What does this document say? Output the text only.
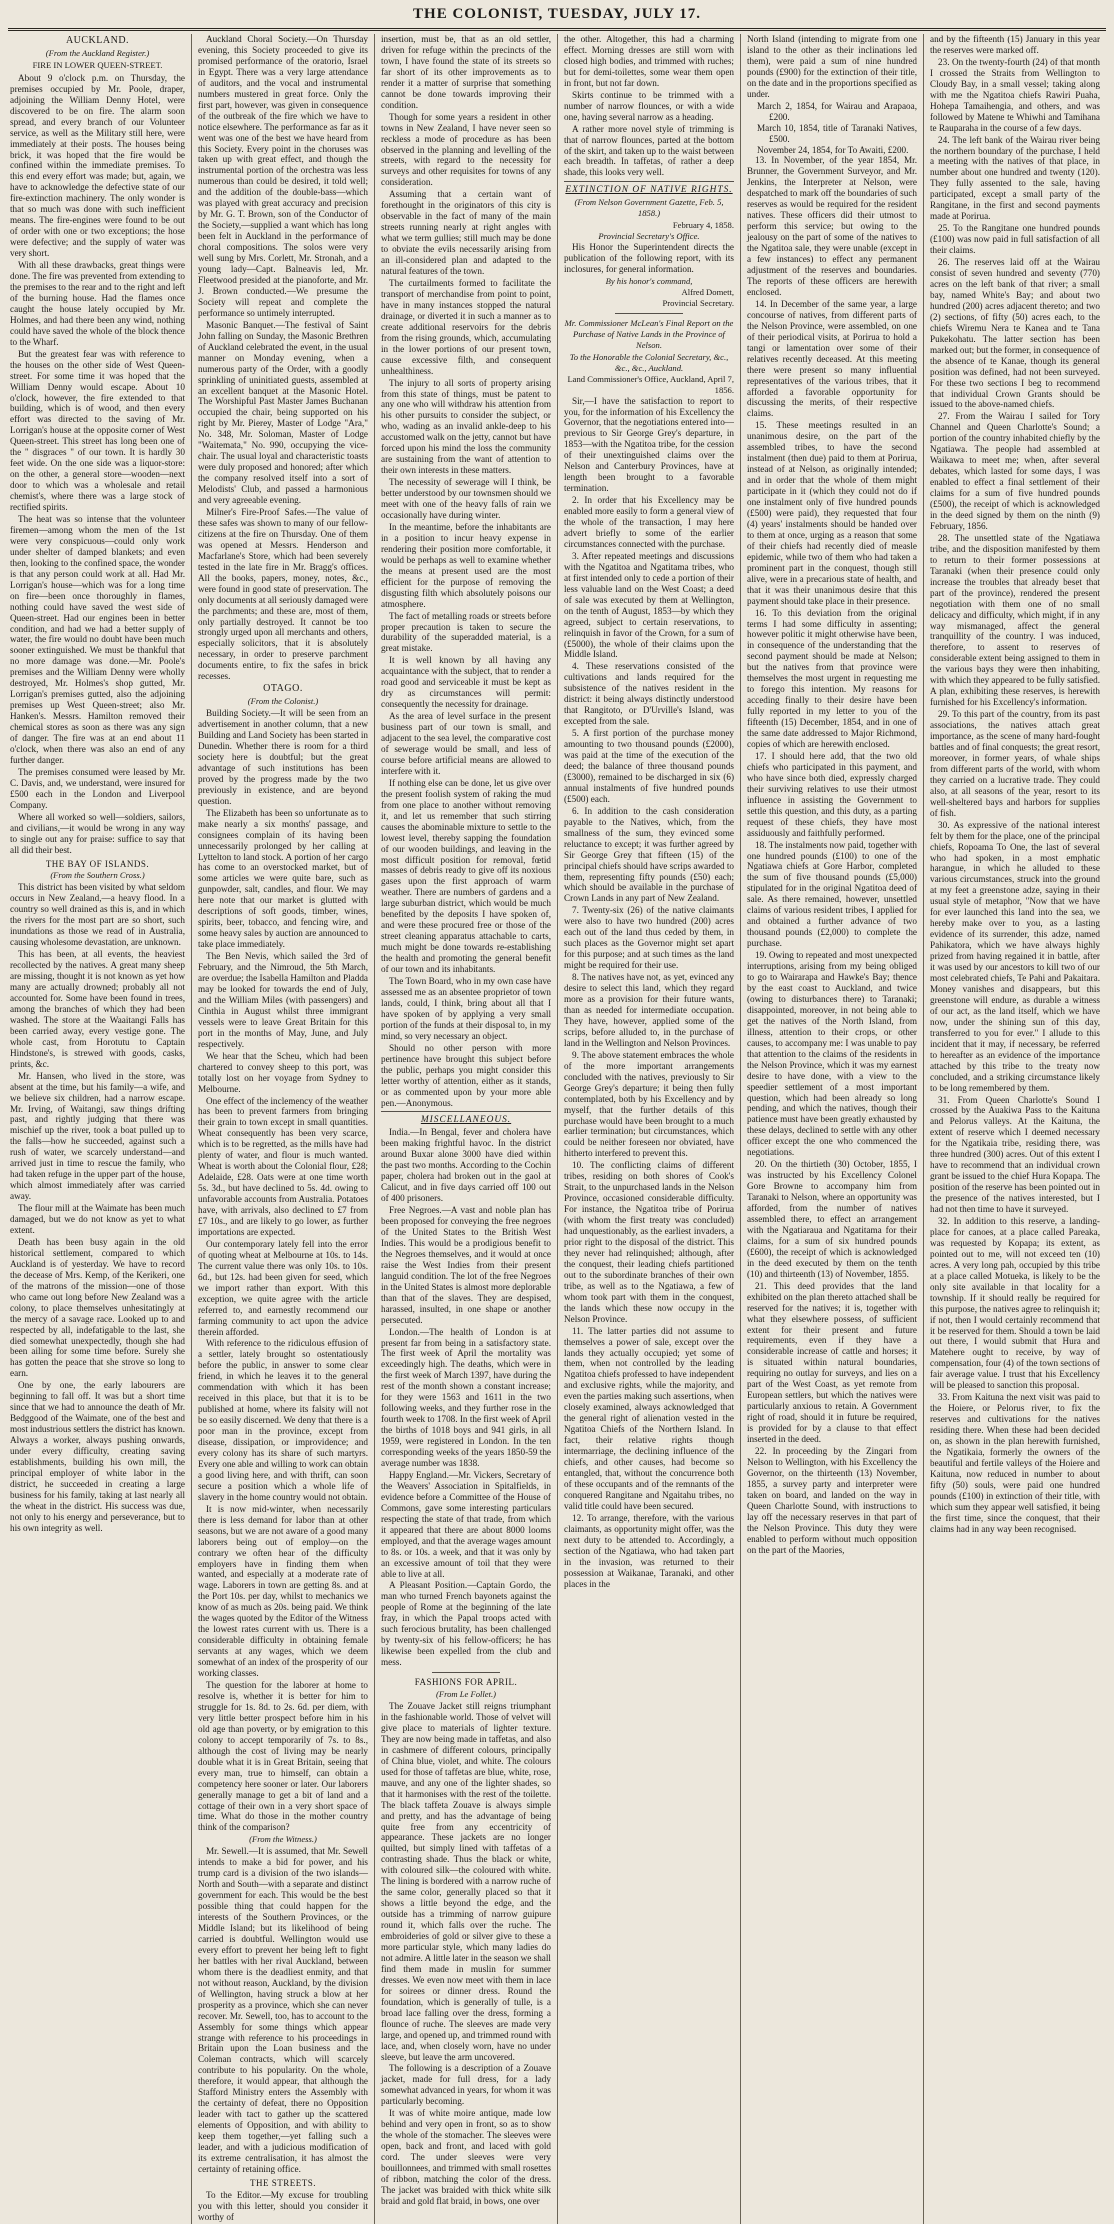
THE COLONIST, TUESDAY, JULY 17.
AUCKLAND.
(From the Auckland Register.)
FIRE IN LOWER QUEEN-STREET.

About 9 o'clock p.m. on Thursday, the premises occupied by Mr. Poole, draper, adjoining the William Denny Hotel, were discovered to be on fire. The alarm soon spread, and every branch of our Volunteer service, as well as the Military still here, were immediately at their posts. The houses being brick, it was hoped that the fire would be confined within the immediate premises. To this end every effort was made; but, again, we have to acknowledge the defective state of our fire-extinction machinery. The only wonder is that so much was done with such inefficient means. The fire-engines were found to be out of order with one or two exceptions; the hose were defective; and the supply of water was very short.

With all these drawbacks, great things were done. The fire was prevented from extending to the premises to the rear and to the right and left of the burning house. Had the flames once caught the house lately occupied by Mr. Holmes, and had there been any wind, nothing could have saved the whole of the block thence to the Wharf.

But the greatest fear was with reference to the houses on the other side of West Queen-street. For some time it was hoped that the William Denny would escape. About 10 o'clock, however, the fire extended to that building, which is of wood, and then every effort was directed to the saving of Mr. Lorrigan's house at the opposite corner of West Queen-street. This street has long been one of the " disgraces " of our town. It is hardly 30 feet wide. On the one side was a liquor-store: on the other, a general store—wooden—next door to which was a wholesale and retail chemist's, where there was a large stock of rectified spirits.

The heat was so intense that the volunteer firemen—among whom the men of the 1st were very conspicuous—could only work under shelter of damped blankets; and even then, looking to the confined space, the wonder is that any person could work at all. Had Mr. Lorrigan's house—which was for a long time on fire—been once thoroughly in flames, nothing could have saved the west side of Queen-street. Had our engines been in better condition, and had we had a better supply of water, the fire would no doubt have been much sooner extinguished. We must be thankful that no more damage was done.—Mr. Poole's premises and the William Denny were wholly destroyed, Mr. Holmes's shop gutted, Mr. Lorrigan's premises gutted, also the adjoining premises up West Queen-street; also Mr. Hanken's. Messrs. Hamilton removed their chemical stores as soon as there was any sign of danger. The fire was at an end about 11 o'clock, when there was also an end of any further danger.

The premises consumed were leased by Mr. C. Davis, and, we understand, were insured for £500 each in the London and Liverpool Company.

Where all worked so well—soldiers, sailors, and civilians,—it would be wrong in any way to single out any for praise: suffice to say that all did their best.

THE BAY OF ISLANDS.
(From the Southern Cross.)

This district has been visited by what seldom occurs in New Zealand,—a heavy flood. In a country so well drained as this is, and in which the rivers for the most part are so short, such inundations as those we read of in Australia, causing wholesome devastation, are unknown.

This has been, at all events, the heaviest recollected by the natives. A great many sheep are missing, thought it is not known as yet how many are actually drowned; probably all not accounted for. Some have been found in trees, among the branches of which they had been washed. The store at the Waaitangi Falls has been carried away, every vestige gone. The whole cast, from Horotutu to Captain Hindstone's, is strewed with goods, casks, prints, &c.

Mr. Hansen, who lived in the store, was absent at the time, but his family—a wife, and we believe six children, had a narrow escape. Mr. Irving, of Waitangi, saw things drifting past, and rightly judging that there was mischief up the river, took a boat pulled up to the falls—how he succeeded, against such a rush of water, we scarcely understand—and arrived just in time to rescue the family, who had taken refuge in the upper part of the house, which almost immediately after was carried away.

The flour mill at the Waimate has been much damaged, but we do not know as yet to what extent.

Death has been busy again in the old historical settlement, compared to which Auckland is of yesterday. We have to record the decease of Mrs. Kemp, of the Kerikeri, one of the matrons of the mission—one of those who came out long before New Zealand was a colony, to place themselves unhesitatingly at the mercy of a savage race. Looked up to and respected by all, indefatigable to the last, she died somewhat unexpectedly, though she had been ailing for some time before. Surely she has gotten the peace that she strove so long to earn.

One by one, the early labourers are beginning to fall off. It was but a short time since that we had to announce the death of Mr. Bedggood of the Waimate, one of the best and most industrious settlers the district has known. Always a worker, always pushing onwards, under every difficulty, creating saving establishments, building his own mill, the principal employer of white labor in the district, he succeeded in creating a large business for his family, taking at last nearly all the wheat in the district. His success was due, not only to his energy and perseverance, but to his own integrity as well.

Auckland Choral Society.—On Thursday evening, this Society proceeded to give its promised performance of the oratorio, Israel in Egypt. There was a very large attendance of auditors, and the vocal and instrumental numbers mustered in great force. Only the first part, however, was given in consequence of the outbreak of the fire which we have to notice elsewhere. The performance as far as it went was one of the best we have heard from this Society. Every point in the choruses was taken up with great effect, and though the instrumental portion of the orchestra was less numerous than could be desired, it told well; and the addition of the double-bass—which was played with great accuracy and precision by Mr. G. T. Brown, son of the Conductor of the Society,—supplied a want which has long been felt in Auckland in the performance of choral compositions. The solos were very well sung by Mrs. Corlett, Mr. Stronah, and a young lady—Capt. Balneavis led, Mr. Fleetwood presided at the pianoforte, and Mr. J. Brown conducted.—We presume the Society will repeat and complete the performance so untimely interrupted.

Masonic Banquet.—The festival of Saint John falling on Sunday, the Masonic Brethren of Auckland celebrated the event, in the usual manner on Monday evening, when a numerous party of the Order, with a goodly sprinkling of uninitiated guests, assembled at an excellent banquet at the Masonic Hotel. The Worshipful Past Master James Buchanan occupied the chair, being supported on his right by Mr. Pierey, Master of Lodge "Ara," No. 348, Mr. Soloman, Master of Lodge "Waitemata," No. 990, occupying the vice-chair. The usual loyal and characteristic toasts were duly proposed and honored; after which the company resolved itself into a sort of Melodists' Club, and passed a harmonious and very agreeable evening.

Milner's Fire-Proof Safes.—The value of these safes was shown to many of our fellow-citizens at the fire on Thursday. One of them was opened at Messrs. Henderson and Macfarlane's Store, which had been severely tested in the late fire in Mr. Bragg's offices. All the books, papers, money, notes, &c., were found in good state of preservation. The only documents at all seriously damaged were the parchments; and these are, most of them, only partially destroyed. It cannot be too strongly urged upon all merchants and others, especially solicitors, that it is absolutely necessary, in order to preserve parchment documents entire, to fix the safes in brick recesses.

OTAGO.
(From the Colonist.)

Building Society.—It will be seen from an advertisement in another column, that a new Building and Land Society has been started in Dunedin. Whether there is room for a third society here is doubtful; but the great advantage of such institutions has been proved by the progress made by the two previously in existence, and are beyond question.

The Elizabeth has been so unfortunate as to make nearly a six months' passage, and consignees complain of its having been unnecessarily prolonged by her calling at Lyttelton to land stock. A portion of her cargo has come to an overstocked market, but of some articles we were quite bare, such as gunpowder, salt, candles, and flour. We may here note that our market is glutted with descriptions of soft goods, timber, wines, spirits, beer, tobacco, and fencing wire, and some heavy sales by auction are announced to take place immediately.

The Ben Nevis, which sailed the 3rd of February, and the Nimroud, the 5th March, are overdue; the Isabella Hamilton and Pladda may be looked for towards the end of July, and the William Miles (with passengers) and Cinthia in August whilst three immigrant vessels were to leave Great Britain for this port in the months of May, June, and July respectively.

We hear that the Scheu, which had been chartered to convey sheep to this port, was totally lost on her voyage from Sydney to Melbourne.

One effect of the inclemency of the weather has been to prevent farmers from bringing their grain to town except in small quantities. Wheat consequently has been very scarce, which is to be regretted, as the mills have had plenty of water, and flour is much wanted. Wheat is worth about the Colonial flour, £28; Adelaide, £28. Oats were at one time worth 5s. 3d., but have declined to 5s. 4d. owing to unfavorable accounts from Australia. Potatoes have, with arrivals, also declined to £7 from £7 10s., and are likely to go lower, as further importations are expected.

Our contemporary lately fell into the error of quoting wheat at Melbourne at 10s. to 14s. The current value there was only 10s. to 10s. 6d., but 12s. had been given for seed, which we import rather than export. With this exception, we quite agree with the article referred to, and earnestly recommend our farming community to act upon the advice therein afforded.

With reference to the ridiculous effusion of a settler, lately brought so ostentatiously before the public, in answer to some clear friend, in which he leaves it to the general commendation with which it has been received in this place, but that it is to be published at home, where its falsity will not be so easily discerned. We deny that there is a poor man in the province, except from disease, dissipation, or improvidence; and every colony has its share of such martyrs. Every one able and willing to work can obtain a good living here, and with thrift, can soon secure a position which a whole life of slavery in the home country would not obtain.

It is now mid-winter, when necessarily there is less demand for labor than at other seasons, but we are not aware of a good many laborers being out of employ—on the contrary we often hear of the difficulty employers have in finding them when wanted, and especially at a moderate rate of wage. Laborers in town are getting 8s. and at the Port 10s. per day, whilst to mechanics we know of as much as 20s. being paid. We think the wages quoted by the Editor of the Witness the lowest rates current with us. There is a considerable difficulty in obtaining female servants at any wages, which we deem somewhat of an index of the prosperity of our working classes.

The question for the laborer at home to resolve is, whether it is better for him to struggle for 1s. 8d. to 2s. 6d. per diem, with very little better prospect before him in his old age than poverty, or by emigration to this colony to accept temporarily of 7s. to 8s., although the cost of living may be nearly double what it is in Great Britain, seeing that every man, true to himself, can obtain a competency here sooner or later. Our laborers generally manage to get a bit of land and a cottage of their own in a very short space of time. What do those in the mother country think of the comparison?

(From the Witness.)

Mr. Sewell.—It is assumed, that Mr. Sewell intends to make a bid for power, and his trump card is a division of the two islands—North and South—with a separate and distinct government for each. This would be the best possible thing that could happen for the interests of the Southern Provinces, or the Middle Island; but its likelihood of being carried is doubtful. Wellington would use every effort to prevent her being left to fight her battles with her rival Auckland, between whom there is the deadliest enmity, and that not without reason, Auckland, by the division of Wellington, having struck a blow at her prosperity as a province, which she can never recover. Mr. Sewell, too, has to account to the Assembly for some things which appear strange with reference to his proceedings in Britain upon the Loan business and the Coleman contracts, which will scarcely contribute to his popularity. On the whole, therefore, it would appear, that although the Stafford Ministry enters the Assembly with the certainty of defeat, there no Opposition leader with tact to gather up the scattered elements of Opposition, and with ability to keep them together,—yet falling such a leader, and with a judicious modification of its extreme centralisation, it has almost the certainty of retaining office.

THE STREETS.

To the Editor.—My excuse for troubling you with this letter, should you consider it worthy of

insertion, must be, that as an old settler, driven for refuge within the precincts of the town, I have found the state of its streets so far short of its other improvements as to render it a matter of surprise that something cannot be done towards improving their condition.

Though for some years a resident in other towns in New Zealand, I have never seen so reckless a mode of procedure as has been observed in the planning and levelling of the streets, with regard to the necessity for surveys and other requisites for towns of any consideration.

Assuming that a certain want of forethought in the originators of this city is observable in the fact of many of the main streets running nearly at right angles with what we term gullies; still much may be done to obviate the evils necessarily arising from an ill-considered plan and adapted to the natural features of the town.

The curtailments formed to facilitate the transport of merchandise from point to point, have in many instances stopped the natural drainage, or diverted it in such a manner as to create additional reservoirs for the debris from the rising grounds, which, accumulating in the lower portions of our present town, cause excessive filth, and consequent unhealthiness.

The injury to all sorts of property arising from this state of things, must be patent to any one who will withdraw his attention from his other pursuits to consider the subject, or who, wading as an invalid ankle-deep to his accustomed walk on the jetty, cannot but have forced upon his mind the loss the community are sustaining from the want of attention to their own interests in these matters.

The necessity of sewerage will I think, be better understood by our townsmen should we meet with one of the heavy falls of rain we occasionally have during winter.

In the meantime, before the inhabitants are in a position to incur heavy expense in rendering their position more comfortable, it would be perhaps as well to examine whether the means at present used are the most efficient for the purpose of removing the disgusting filth which absolutely poisons our atmosphere.

The fact of metalling roads or streets before proper precaution is taken to secure the durability of the superadded material, is a great mistake.

It is well known by all having any acquaintance with the subject, that to render a road good and serviceable it must be kept as dry as circumstances will permit: consequently the necessity for drainage.

As the area of level surface in the present business part of our town is small, and adjacent to the sea level, the comparative cost of sewerage would be small, and less of course before artificial means are allowed to interfere with it.

If nothing else can be done, let us give over the present foolish system of raking the mud from one place to another without removing it, and let us remember that such stirring causes the abominable mixture to settle to the lowest level, thereby sapping the foundation of our wooden buildings, and leaving in the most difficult position for removal, fœtid masses of debris ready to give off its noxious gases upon the first approach of warm weather. There are numbers of gardens and a large suburban district, which would be much benefited by the deposits I have spoken of, and were these procured free or those of the street cleaning apparatus attachable to carts, much might be done towards re-establishing the health and promoting the general benefit of our town and its inhabitants.

The Town Board, who in my own case have assessed me as an absentee proprietor of town lands, could, I think, bring about all that I have spoken of by applying a very small portion of the funds at their disposal to, in my mind, so very necessary an object.

Should no other person with more pertinence have brought this subject before the public, perhaps you might consider this letter worthy of attention, either as it stands, or as commented upon by your more able pen.—Anonymous.

MISCELLANEOUS.

India.—In Bengal, fever and cholera have been making frightful havoc. In the district around Buxar alone 3000 have died within the past two months. According to the Cochin paper, cholera had broken out in the gaol at Calicut, and in five days carried off 100 out of 400 prisoners.

Free Negroes.—A vast and noble plan has been proposed for conveying the free negroes of the United States to the British West Indies. This would be a prodigious benefit to the Negroes themselves, and it would at once raise the West Indies from their present languid condition. The lot of the free Negroes in the United States is almost more deplorable than that of the slaves. They are despised, harassed, insulted, in one shape or another persecuted.

London.—The health of London is at present far from being in a satisfactory state. The first week of April the mortality was exceedingly high. The deaths, which were in the first week of March 1397, have during the rest of the month shown a constant increase; for they were 1563 and 1611 in the two following weeks, and they further rose in the fourth week to 1708. In the first week of April the births of 1018 boys and 941 girls, in all 1959, were registered in London. In the ten corresponding weeks of the years 1850-59 the average number was 1838.

Happy England.—Mr. Vickers, Secretary of the Weavers' Association in Spitalfields, in evidence before a Committee of the House of Commons, gave some interesting particulars respecting the state of that trade, from which it appeared that there are about 8000 looms employed, and that the average wages amount to 8s. or 10s. a week, and that it was only by an excessive amount of toil that they were able to live at all.

A Pleasant Position.—Captain Gordo, the man who turned French bayonets against the people of Rome at the beginning of the late fray, in which the Papal troops acted with such ferocious brutality, has been challenged by twenty-six of his fellow-officers; he has likewise been expelled from the club and mess.

FASHIONS FOR APRIL.
(From Le Follet.)

The Zouave Jacket still reigns triumphant in the fashionable world. Those of velvet will give place to materials of lighter texture. They are now being made in taffetas, and also in cashmere of different colours, principally of China blue, violet, and white. The colours used for those of taffetas are blue, white, rose, mauve, and any one of the lighter shades, so that it harmonises with the rest of the toilette. The black taffeta Zouave is always simple and pretty, and has the advantage of being quite free from any eccentricity of appearance. These jackets are no longer quilted, but simply lined with taffetas of a contrasting shade. Thus the black or white, with coloured silk—the coloured with white. The lining is bordered with a narrow ruche of the same color, generally placed so that it shows a little beyond the edge, and the outside has a trimming of narrow guipure round it, which falls over the ruche. The embroideries of gold or silver give to these a more particular style, which many ladies do not admire. A little later in the season we shall find them made in muslin for summer dresses. We even now meet with them in lace for soirees or dinner dress. Round the foundation, which is generally of tulle, is a broad lace falling over the dress, forming a flounce of ruche. The sleeves are made very large, and opened up, and trimmed round with lace, and, when closely worn, have no under sleeve, but leave the arm uncovered.

The following is a description of a Zouave jacket, made for full dress, for a lady somewhat advanced in years, for whom it was particularly becoming.

It was of white moire antique, made low behind and very open in front, so as to show the whole of the stomacher. The sleeves were open, back and front, and laced with gold cord. The under sleeves were very bouillonnees, and trimmed with small rosettes of ribbon, matching the color of the dress. The jacket was braided with thick white silk braid and gold flat braid, in bows, one over

the other. Altogether, this had a charming effect. Morning dresses are still worn with closed high bodies, and trimmed with ruches; but for demi-toilettes, some wear them open in front, but not far down.

Skirts continue to be trimmed with a number of narrow flounces, or with a wide one, having several narrow as a heading.

A rather more novel style of trimming is that of narrow flounces, parted at the bottom of the skirt, and taken up to the waist between each breadth. In taffetas, of rather a deep shade, this looks very well.

EXTINCTION OF NATIVE RIGHTS.
(From Nelson Government Gazette, Feb. 5, 1858.)
February 4, 1858.
Provincial Secretary's Office.

His Honor the Superintendent directs the publication of the following report, with its inclosures, for general information.

By his honor's command,
Alfred Domett,
Provincial Secretary.
Mr. Commissioner McLean's Final Report on the Purchase of Native Lands in the Province of Nelson.
To the Honorable the Colonial Secretary, &c., &c., &c., Auckland.
Land Commissioner's Office, Auckland, April 7, 1856.

Sir,—I have the satisfaction to report to you, for the information of his Excellency the Governor, that the negotiations entered into—previous to Sir George Grey's departure, in 1853—with the Ngatitoa tribe, for the cession of their unextinguished claims over the Nelson and Canterbury Provinces, have at length been brought to a favorable termination.

2. In order that his Excellency may be enabled more easily to form a general view of the whole of the transaction, I may here advert briefly to some of the earlier circumstances connected with the purchase.

3. After repeated meetings and discussions with the Ngatitoa and Ngatitama tribes, who at first intended only to cede a portion of their less valuable land on the West Coast; a deed of sale was executed by them at Wellington, on the tenth of August, 1853—by which they agreed, subject to certain reservations, to relinquish in favor of the Crown, for a sum of (£5000), the whole of their claims upon the Middle Island.

4. These reservations consisted of the cultivations and lands required for the subsistence of the natives resident in the district: it being always distinctly understood that Rangitoto, or D'Urville's Island, was excepted from the sale.

5. A first portion of the purchase money amounting to two thousand pounds (£2000), was paid at the time of the execution of the deed; the balance of three thousand pounds (£3000), remained to be discharged in six (6) annual instalments of five hundred pounds (£500) each.

6. In addition to the cash consideration payable to the Natives, which, from the smallness of the sum, they evinced some reluctance to except; it was further agreed by Sir George Grey that fifteen (15) of the principal chiefs should have scrips awarded to them, representing fifty pounds (£50) each; which should be available in the purchase of Crown Lands in any part of New Zealand.

7. Twenty-six (26) of the native claimants were also to have two hundred (200) acres each out of the land thus ceded by them, in such places as the Governor might set apart for this purpose; and at such times as the land might be required for their use.

8. The natives have not, as yet, evinced any desire to select this land, which they regard more as a provision for their future wants, than as needed for intermediate occupation. They have, however, applied some of the scrips, before alluded to, in the purchase of land in the Wellington and Nelson Provinces.

9. The above statement embraces the whole of the more important arrangements concluded with the natives, previously to Sir George Grey's departure; it being then fully contemplated, both by his Excellency and by myself, that the further details of this purchase would have been brought to a much earlier termination; but circumstances, which could be neither foreseen nor obviated, have hitherto interfered to prevent this.

10. The conflicting claims of different tribes, residing on both shores of Cook's Strait, to the unpurchased lands in the Nelson Province, occasioned considerable difficulty. For instance, the Ngatitoa tribe of Porirua (with whom the first treaty was concluded) had unquestionably, as the earliest invaders, a prior right to the disposal of the district. This they never had relinquished; although, after the conquest, their leading chiefs partitioned out to the subordinate branches of their own tribe, as well as to the Ngatiawa, a few of whom took part with them in the conquest, the lands which these now occupy in the Nelson Province.

11. The latter parties did not assume to themselves a power of sale, except over the lands they actually occupied; yet some of them, when not controlled by the leading Ngatitoa chiefs professed to have independent and exclusive rights, while the majority, and even the parties making such assertions, when closely examined, always acknowledged that the general right of alienation vested in the Ngatitoa Chiefs of the Northern Island. In fact, their relative rights though intermarriage, the declining influence of the chiefs, and other causes, had become so entangled, that, without the concurrence both of these occupants and of the remnants of the conquered Rangitane and Ngaitahu tribes, no valid title could have been secured.

12. To arrange, therefore, with the various claimants, as opportunity might offer, was the next duty to be attended to. Accordingly, a section of the Ngatiawa, who had taken part in the invasion, was returned to their possession at Waikanae, Taranaki, and other places in the

North Island (intending to migrate from one island to the other as their inclinations led them), were paid a sum of nine hundred pounds (£900) for the extinction of their title, on the date and in the proportions specified as under.

March 2, 1854, for Wairau and Arapaoa, £200.

March 10, 1854, title of Taranaki Natives, £500.

November 24, 1854, for To Awaiti, £200.

13. In November, of the year 1854, Mr. Brunner, the Government Surveyor, and Mr. Jenkins, the Interpreter at Nelson, were despatched to mark off the boundaries of such reserves as would be required for the resident natives. These officers did their utmost to perform this service; but owing to the jealousy on the part of some of the natives to the Ngatitoa sale, they were unable (except in a few instances) to effect any permanent adjustment of the reserves and boundaries. The reports of these officers are herewith enclosed.

14. In December of the same year, a large concourse of natives, from different parts of the Nelson Province, were assembled, on one of their periodical visits, at Porirua to hold a tangi or lamentation over some of their relatives recently deceased. At this meeting there were present so many influential representatives of the various tribes, that it afforded a favorable opportunity for discussing the merits, of their respective claims.

15. These meetings resulted in an unanimous desire, on the part of the assembled tribes, to have the second instalment (then due) paid to them at Porirua, instead of at Nelson, as originally intended; and in order that the whole of them might participate in it (which they could not do if one instalment only of five hundred pounds (£500) were paid), they requested that four (4) years' instalments should be handed over to them at once, urging as a reason that some of their chiefs had recently died of measle epidemic, while two of them who had taken a prominent part in the conquest, though still alive, were in a precarious state of health, and that it was their unanimous desire that this payment should take place in their presence.

16. To this deviation from the original terms I had some difficulty in assenting; however politic it might otherwise have been, in consequence of the understanding that the second payment should be made at Nelson; but the natives from that province were themselves the most urgent in requesting me to forego this intention. My reasons for acceding finally to their desire have been fully reported in my letter to you of the fifteenth (15) December, 1854, and in one of the same date addressed to Major Richmond, copies of which are herewith enclosed.

17. I should here add, that the two old chiefs who participated in this payment, and who have since both died, expressly charged their surviving relatives to use their utmost influence in assisting the Government to settle this question, and this duty, as a parting request of these chiefs, they have most assiduously and faithfully performed.

18. The instalments now paid, together with one hundred pounds (£100) to one of the Ngatiawa chiefs at Gore Harbor, completed the sum of five thousand pounds (£5,000) stipulated for in the original Ngatitoa deed of sale. As there remained, however, unsettled claims of various resident tribes, I applied for and obtained a further advance of two thousand pounds (£2,000) to complete the purchase.

19. Owing to repeated and most unexpected interruptions, arising from my being obliged to go to Wairarapa and Hawke's Bay; thence by the east coast to Auckland, and twice (owing to disturbances there) to Taranaki; disappointed, moreover, in not being able to get the natives of the North Island, from illness, attention to their crops, or other causes, to accompany me: I was unable to pay that attention to the claims of the residents in the Nelson Province, which it was my earnest desire to have done, with a view to the speedier settlement of a most important question, which had been already so long pending, and which the natives, though their patience must have been greatly exhausted by these delays, declined to settle with any other officer except the one who commenced the negotiations.

20. On the thirtieth (30) October, 1855, I was instructed by his Excellency Colonel Gore Browne to accompany him from Taranaki to Nelson, where an opportunity was afforded, from the number of natives assembled there, to effect an arrangement with the Ngatiaraua and Ngatitama for their claims, for a sum of six hundred pounds (£600), the receipt of which is acknowledged in the deed executed by them on the tenth (10) and thirteenth (13) of November, 1855.

21. This deed provides that the land exhibited on the plan thereto attached shall be reserved for the natives; it is, together with what they elsewhere possess, of sufficient extent for their present and future requirements, even if they have a considerable increase of cattle and horses; it is situated within natural boundaries, requiring no outlay for surveys, and lies on a part of the West Coast, as yet remote from European settlers, but which the natives were particularly anxious to retain. A Government right of road, should it in future be required, is provided for by a clause to that effect inserted in the deed.

22. In proceeding by the Zingari from Nelson to Wellington, with his Excellency the Governor, on the thirteenth (13) November, 1855, a survey party and interpreter were taken on board, and landed on the way in Queen Charlotte Sound, with instructions to lay off the necessary reserves in that part of the Nelson Province. This duty they were enabled to perform without much opposition on the part of the Maories,

and by the fifteenth (15) January in this year the reserves were marked off.

23. On the twenty-fourth (24) of that month I crossed the Straits from Wellington to Cloudy Bay, in a small vessel; taking along with me the Ngatitoa chiefs Rawiri Puaha, Hohepa Tamaihengia, and others, and was followed by Matene te Whiwhi and Tamihana te Rauparaha in the course of a few days.

24. The left bank of the Wairau river being the northern boundary of the purchase, I held a meeting with the natives of that place, in number about one hundred and twenty (120). They fully assented to the sale, having participated, except a small party of the Rangitane, in the first and second payments made at Porirua.

25. To the Rangitane one hundred pounds (£100) was now paid in full satisfaction of all their claims.

26. The reserves laid off at the Wairau consist of seven hundred and seventy (770) acres on the left bank of that river; a small bay, named White's Bay; and about two hundred (200) acres adjacent thereto; and two (2) sections, of fifty (50) acres each, to the chiefs Wiremu Nera te Kanea and te Tana Pukekohatu. The latter section has been marked out; but the former, in consequence of the absence of te Kanae, though its general position was defined, had not been surveyed. For these two sections I beg to recommend that individual Crown Grants should be issued to the above-named chiefs.

27. From the Wairau I sailed for Tory Channel and Queen Charlotte's Sound; a portion of the country inhabited chiefly by the Ngatiawa. The people had assembled at Waikawa to meet me; when, after several debates, which lasted for some days, I was enabled to effect a final settlement of their claims for a sum of five hundred pounds (£500), the receipt of which is acknowledged in the deed signed by them on the ninth (9) February, 1856.

28. The unsettled state of the Ngatiawa tribe, and the disposition manifested by them to return to their former possessions at Taranaki (when their presence could only increase the troubles that already beset that part of the province), rendered the present negotiation with them one of no small delicacy and difficulty, which might, if in any way mismanaged, affect the general tranquillity of the country. I was induced, therefore, to assent to reserves of considerable extent being assigned to them in the various bays they were then inhabiting, with which they appeared to be fully satisfied. A plan, exhibiting these reserves, is herewith furnished for his Excellency's information.

29. To this part of the country, from its past associations, the natives attach great importance, as the scene of many hard-fought battles and of final conquests; the great resort, moreover, in former years, of whale ships from different parts of the world, with whom they carried on a lucrative trade. They could also, at all seasons of the year, resort to its well-sheltered bays and harbors for supplies of fish.

30. As expressive of the national interest felt by them for the place, one of the principal chiefs, Ropoama To One, the last of several who had spoken, in a most emphatic harangue, in which he alluded to these various circumstances, struck into the ground at my feet a greenstone adze, saying in their usual style of metaphor, "Now that we have for ever launched this land into the sea, we hereby make over to you, as a lasting evidence of its surrender, this adze, named Pahikatora, which we have always highly prized from having regained it in battle, after it was used by our ancestors to kill two of our most celebrated chiefs, Te Pahi and Pakaitara. Money vanishes and disappears, but this greenstone will endure, as durable a witness of our act, as the land itself, which we have now, under the shining sun of this day, transferred to you for ever." I allude to this incident that it may, if necessary, be referred to hereafter as an evidence of the importance attached by this tribe to the treaty now concluded, and a striking circumstance likely to be long remembered by them.

31. From Queen Charlotte's Sound I crossed by the Auakiwa Pass to the Kaituna and Pelorus valleys. At the Kaituna, the extent of reserve which I deemed necessary for the Ngatikaia tribe, residing there, was three hundred (300) acres. Out of this extent I have to recommend that an individual crown grant be issued to the chief Hura Kopapa. The position of the reserve has been pointed out in the presence of the natives interested, but I had not then time to have it surveyed.

32. In addition to this reserve, a landing-place for canoes, at a place called Pareaka, was requested by Kopapa; its extent, as pointed out to me, will not exceed ten (10) acres. A very long pah, occupied by this tribe at a place called Motueka, is likely to be the only site available in that locality for a township. If it should really be required for this purpose, the natives agree to relinquish it; if not, then I would certainly recommend that it be reserved for them. Should a town be laid out there, I would submit that Hura and Matehere ought to receive, by way of compensation, four (4) of the town sections of fair average value. I trust that his Excellency will be pleased to sanction this proposal.

33. From Kaituna the next visit was paid to the Hoiere, or Pelorus river, to fix the reserves and cultivations for the natives residing there. When these had been decided on, as shown in the plan herewith furnished, the Ngatikaia, formerly the owners of the beautiful and fertile valleys of the Hoiere and Kaituna, now reduced in number to about fifty (50) souls, were paid one hundred pounds (£100) in extinction of their title, with which sum they appear well satisfied, it being the first time, since the conquest, that their claims had in any way been recognised.
